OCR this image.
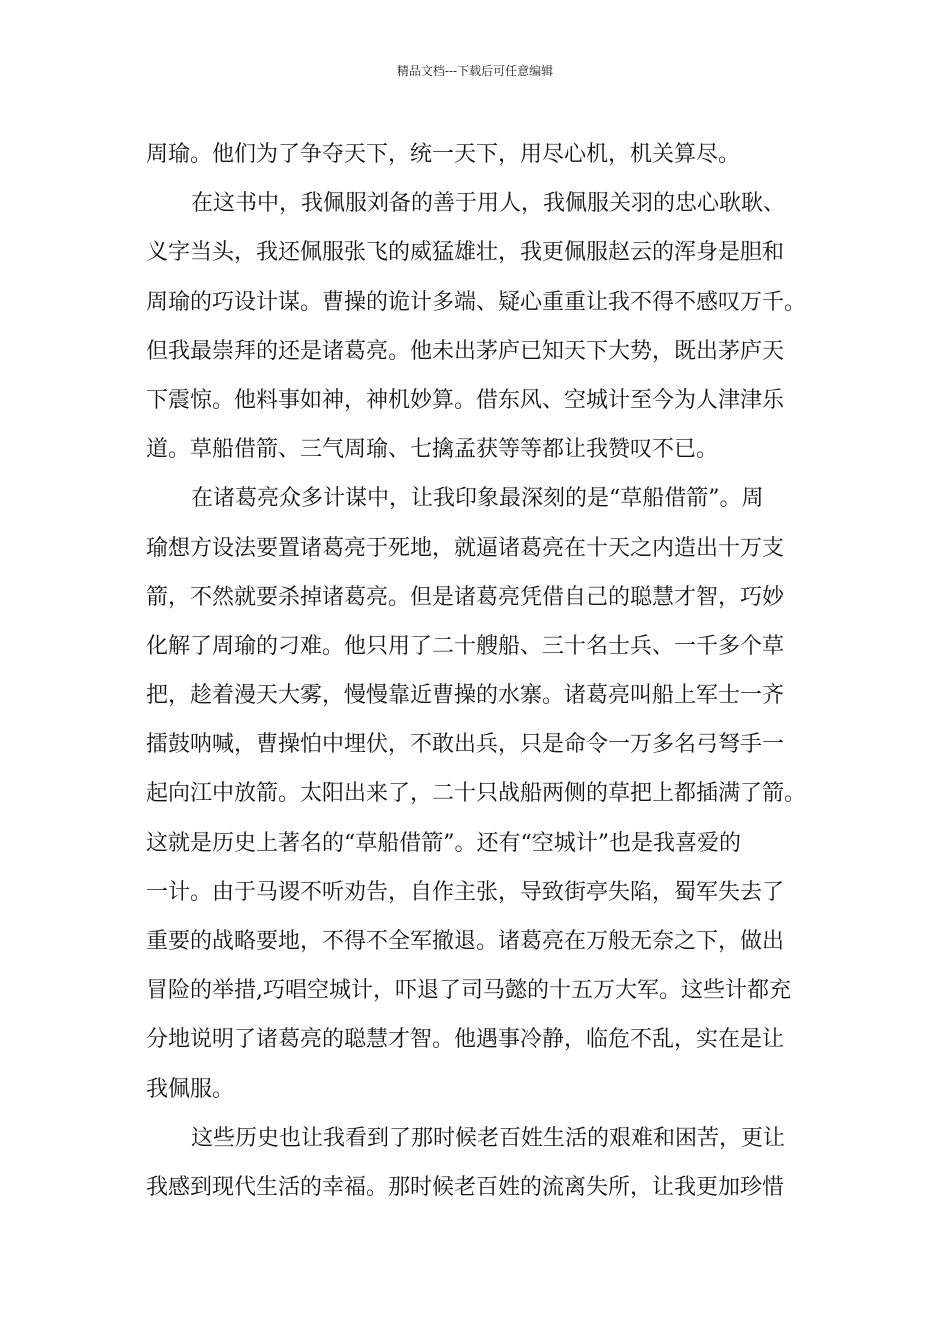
精品文档---下载后可任意编辑
周瑜。他们为了争夺天下，统一天下，用尽心机，机关算尽。
在这书中，我佩服刘备的善于用人，我佩服关羽的忠心耿耿、
义字当头，我还佩服张飞的威猛雄壮，我更佩服赵云的浑身是胆和
周瑜的巧设计谋。曹操的诡计多端、疑心重重让我不得不感叹万千。
但我最崇拜的还是诸葛亮。他未出茅庐已知天下大势，既出茅庐天
下震惊。他料事如神，神机妙算。借东风、空城计至今为人津津乐
道。草船借箭、三气周瑜、七擒孟获等等都让我赞叹不已。
在诸葛亮众多计谋中，让我印象最深刻的是“草船借箭”。周
瑜想方设法要置诸葛亮于死地，就逼诸葛亮在十天之内造出十万支
箭，不然就要杀掉诸葛亮。但是诸葛亮凭借自己的聪慧才智，巧妙
化解了周瑜的刁难。他只用了二十艘船、三十名士兵、一千多个草
把，趁着漫天大雾，慢慢靠近曹操的水寨。诸葛亮叫船上军士一齐
擂鼓呐喊，曹操怕中埋伏，不敢出兵，只是命令一万多名弓弩手一
起向江中放箭。太阳出来了，二十只战船两侧的草把上都插满了箭。
这就是历史上著名的“草船借箭”。还有“空城计”也是我喜爱的
一计。由于马谡不听劝告，自作主张，导致街亭失陷，蜀军失去了
重要的战略要地，不得不全军撤退。诸葛亮在万般无奈之下，做出
冒险的举措,巧唱空城计，吓退了司马懿的十五万大军。这些计都充
分地说明了诸葛亮的聪慧才智。他遇事冷静，临危不乱，实在是让
我佩服。
这些历史也让我看到了那时候老百姓生活的艰难和困苦，更让
我感到现代生活的幸福。那时候老百姓的流离失所，让我更加珍惜
